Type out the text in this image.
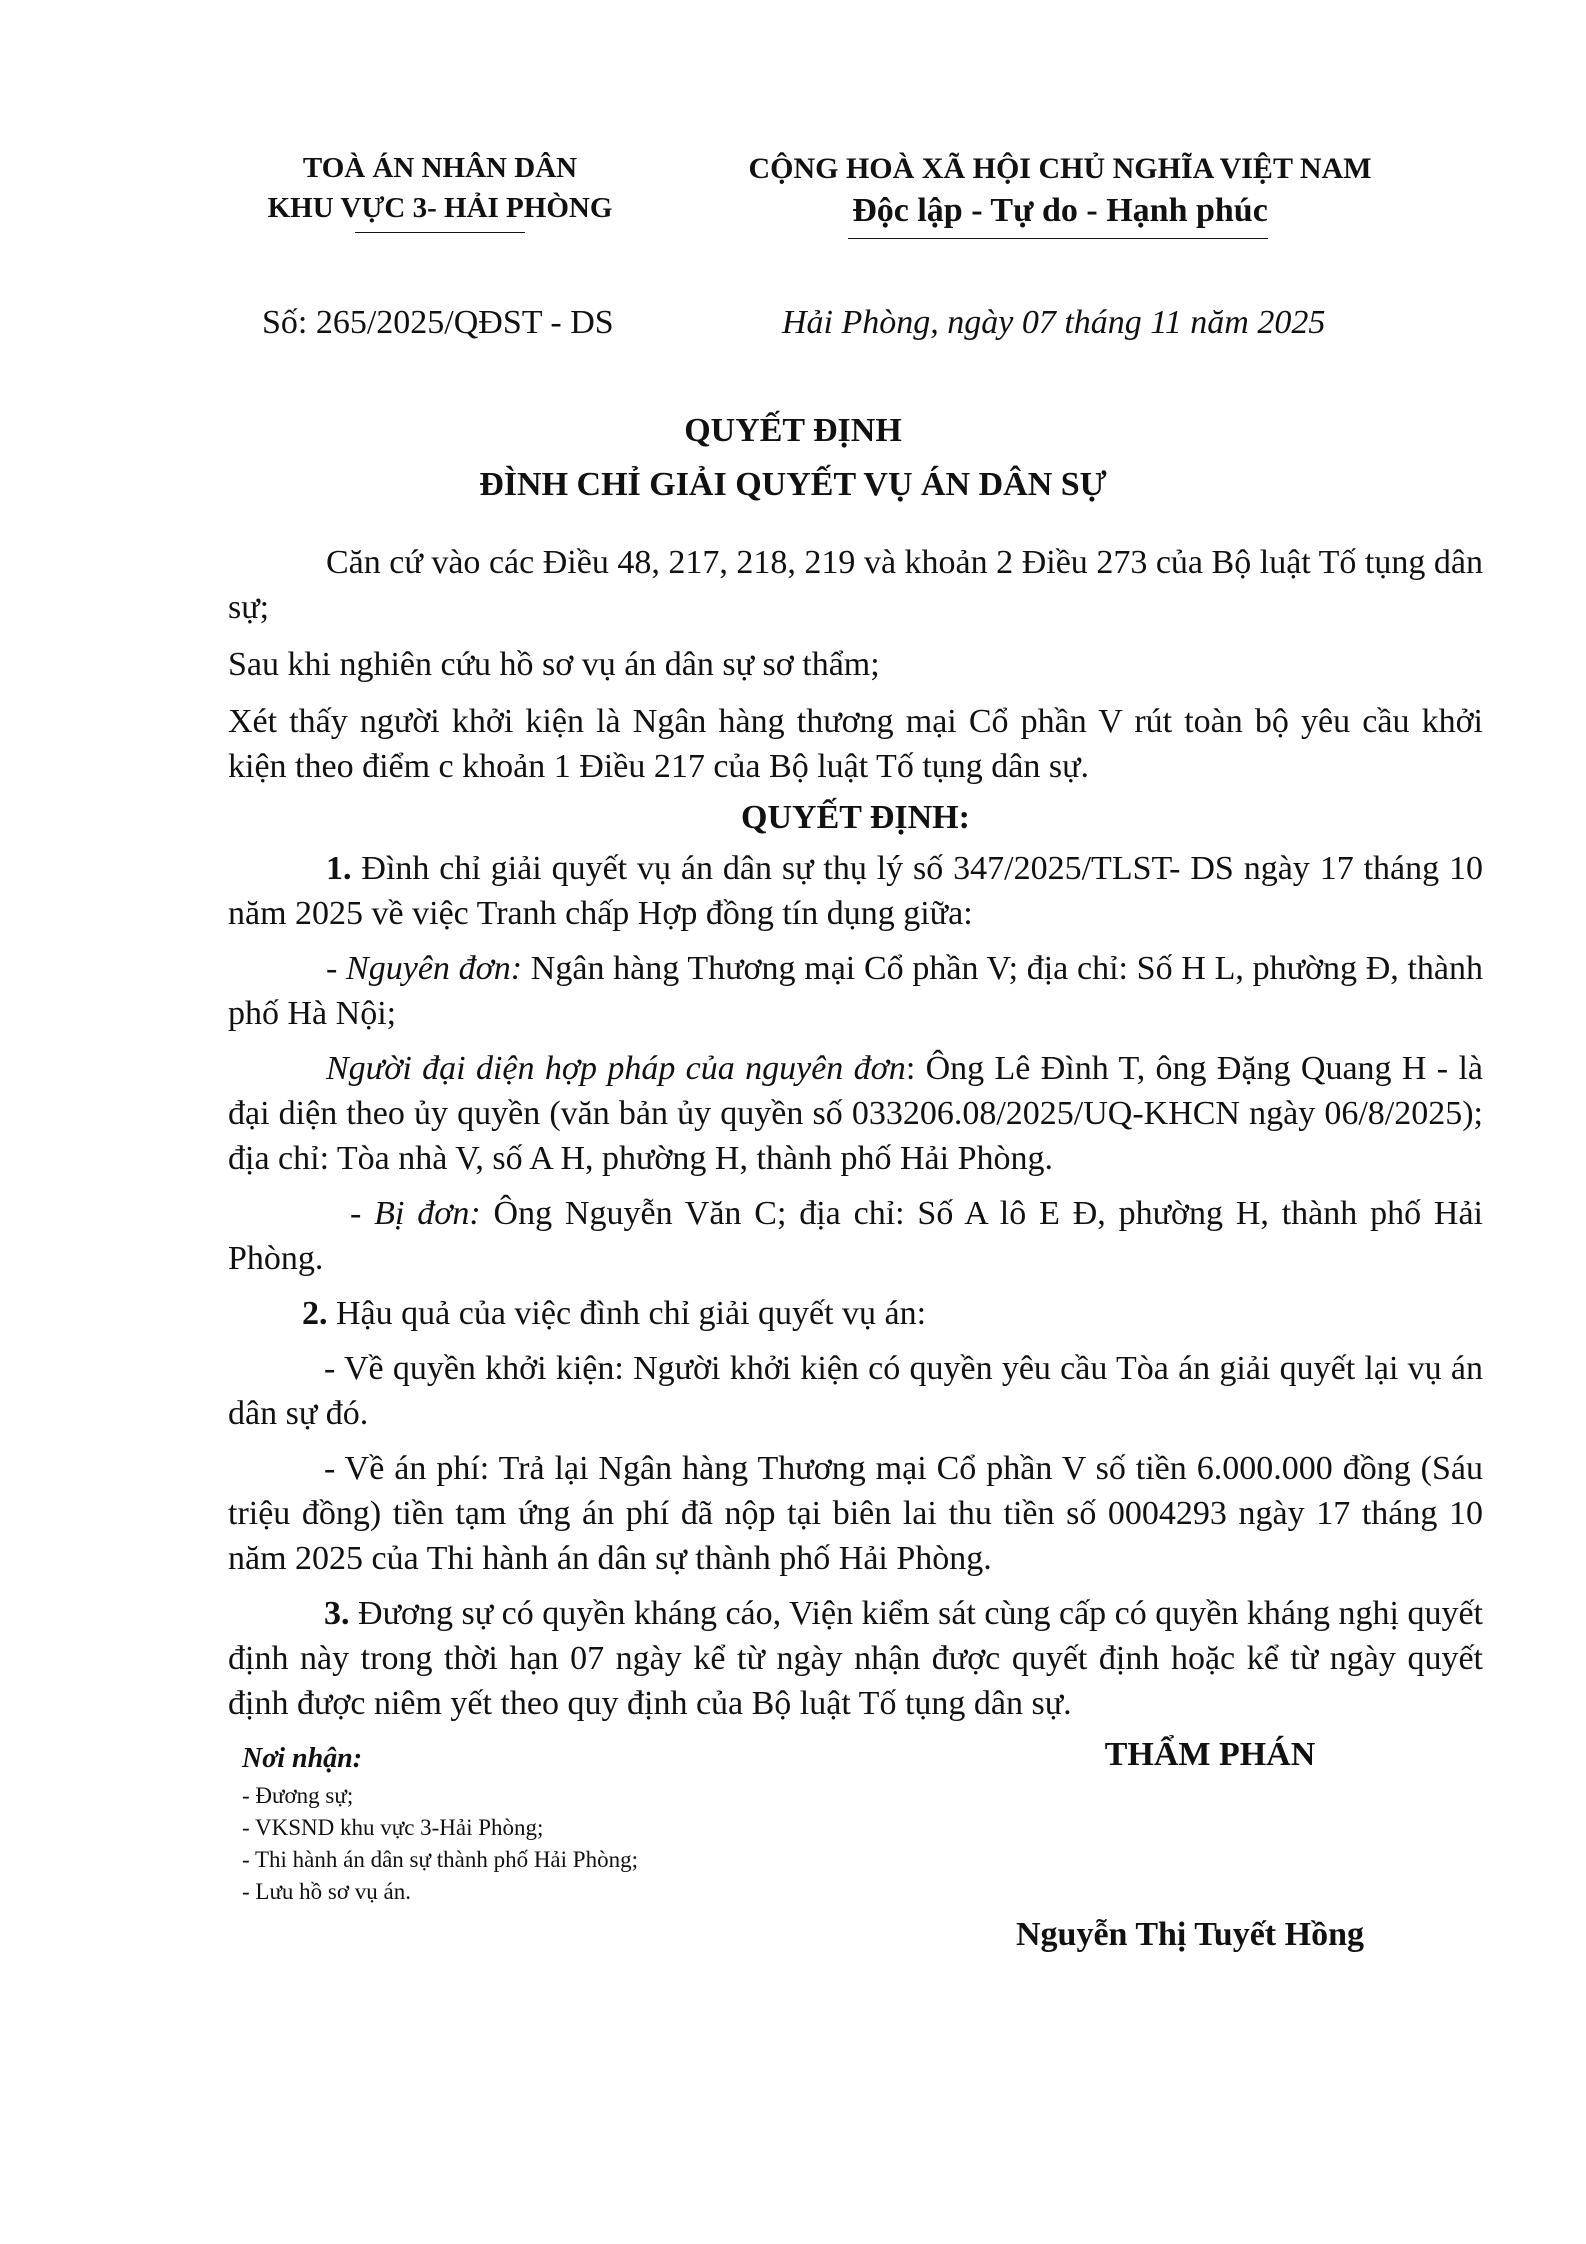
TOÀ ÁN NHÂN DÂN
KHU VỰC 3- HẢI PHÒNG
CỘNG HOÀ XÃ HỘI CHỦ NGHĨA VIỆT NAM
Độc lập - Tự do - Hạnh phúc
Số: 265/2025/QĐST - DS	Hải Phòng, ngày 07 tháng 11 năm 2025
QUYẾT ĐỊNH
ĐÌNH CHỈ GIẢI QUYẾT VỤ ÁN DÂN SỰ

Căn cứ vào các Điều 48, 217, 218, 219 và khoản 2 Điều 273 của Bộ luật Tố tụng dân sự;

Sau khi nghiên cứu hồ sơ vụ án dân sự sơ thẩm;

Xét thấy người khởi kiện là Ngân hàng thương mại Cổ phần V rút toàn bộ yêu cầu khởi kiện theo điểm c khoản 1 Điều 217 của Bộ luật Tố tụng dân sự.

QUYẾT ĐỊNH:

1. Đình chỉ giải quyết vụ án dân sự thụ lý số 347/2025/TLST- DS ngày 17 tháng 10 năm 2025 về việc Tranh chấp Hợp đồng tín dụng giữa:

- Nguyên đơn: Ngân hàng Thương mại Cổ phần V; địa chỉ: Số H L, phường Đ, thành phố Hà Nội;

Người đại diện hợp pháp của nguyên đơn: Ông Lê Đình T, ông Đặng Quang H - là đại diện theo ủy quyền (văn bản ủy quyền số 033206.08/2025/UQ-KHCN ngày 06/8/2025); địa chỉ: Tòa nhà V, số A H, phường H, thành phố Hải Phòng.

- Bị đơn: Ông Nguyễn Văn C; địa chỉ: Số A lô E Đ, phường H, thành phố Hải Phòng.

2. Hậu quả của việc đình chỉ giải quyết vụ án:

- Về quyền khởi kiện: Người khởi kiện có quyền yêu cầu Tòa án giải quyết lại vụ án dân sự đó.

- Về án phí: Trả lại Ngân hàng Thương mại Cổ phần V số tiền 6.000.000 đồng (Sáu triệu đồng) tiền tạm ứng án phí đã nộp tại biên lai thu tiền số 0004293 ngày 17 tháng 10 năm 2025 của Thi hành án dân sự thành phố Hải Phòng.

3. Đương sự có quyền kháng cáo, Viện kiểm sát cùng cấp có quyền kháng nghị quyết định này trong thời hạn 07 ngày kể từ ngày nhận được quyết định hoặc kể từ ngày quyết định được niêm yết theo quy định của Bộ luật Tố tụng dân sự.

Nơi nhận:
- Đương sự;
- VKSND khu vực 3-Hải Phòng;
- Thi hành án dân sự thành phố Hải Phòng;
- Lưu hồ sơ vụ án.
THẨM PHÁN
Nguyễn Thị Tuyết Hồng
